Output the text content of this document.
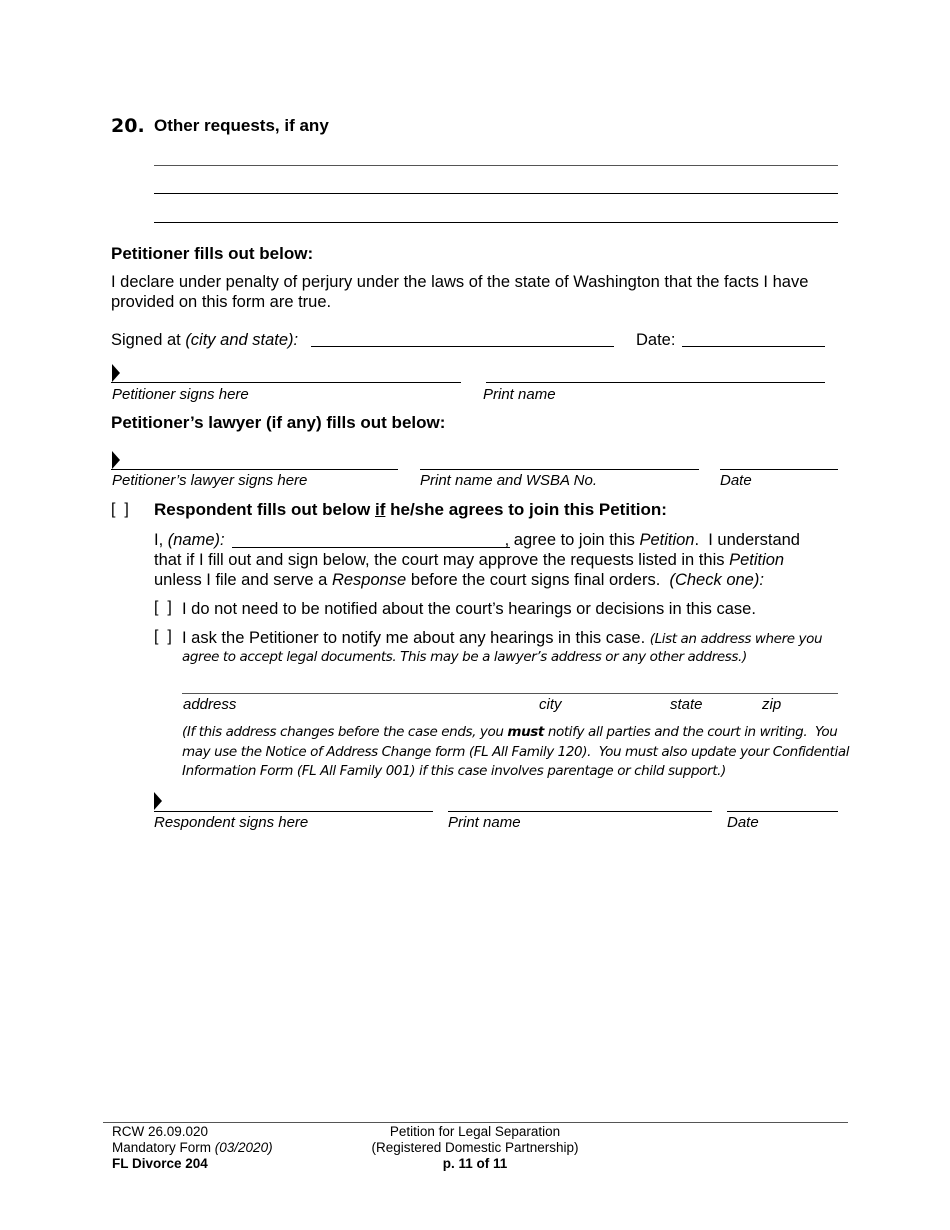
20. Other requests, if any
Petitioner fills out below:
I declare under penalty of perjury under the laws of the state of Washington that the facts I have provided on this form are true.
Signed at (city and state):	Date:
Petitioner signs here	Print name
Petitioner’s lawyer (if any) fills out below:
Petitioner’s lawyer signs here	Print name and WSBA No.	Date
[  ] Respondent fills out below if he/she agrees to join this Petition:
I, (name):	, agree to join this Petition.  I understand
that if I fill out and sign below, the court may approve the requests listed in this Petition
unless I file and serve a Response before the court signs final orders.  (Check one):
[  ] I do not need to be notified about the court’s hearings or decisions in this case.
[  ] I ask the Petitioner to notify me about any hearings in this case. (List an address where you
agree to accept legal documents. This may be a lawyer’s address or any other address.)
address	city	state	zip
(If this address changes before the case ends, you must notify all parties and the court in writing.  You
may use the Notice of Address Change form (FL All Family 120).  You must also update your Confidential
Information Form (FL All Family 001) if this case involves parentage or child support.)
Respondent signs here	Print name	Date
RCW 26.09.020
Mandatory Form (03/2020)
FL Divorce 204
Petition for Legal Separation
(Registered Domestic Partnership)
p. 11 of 11
